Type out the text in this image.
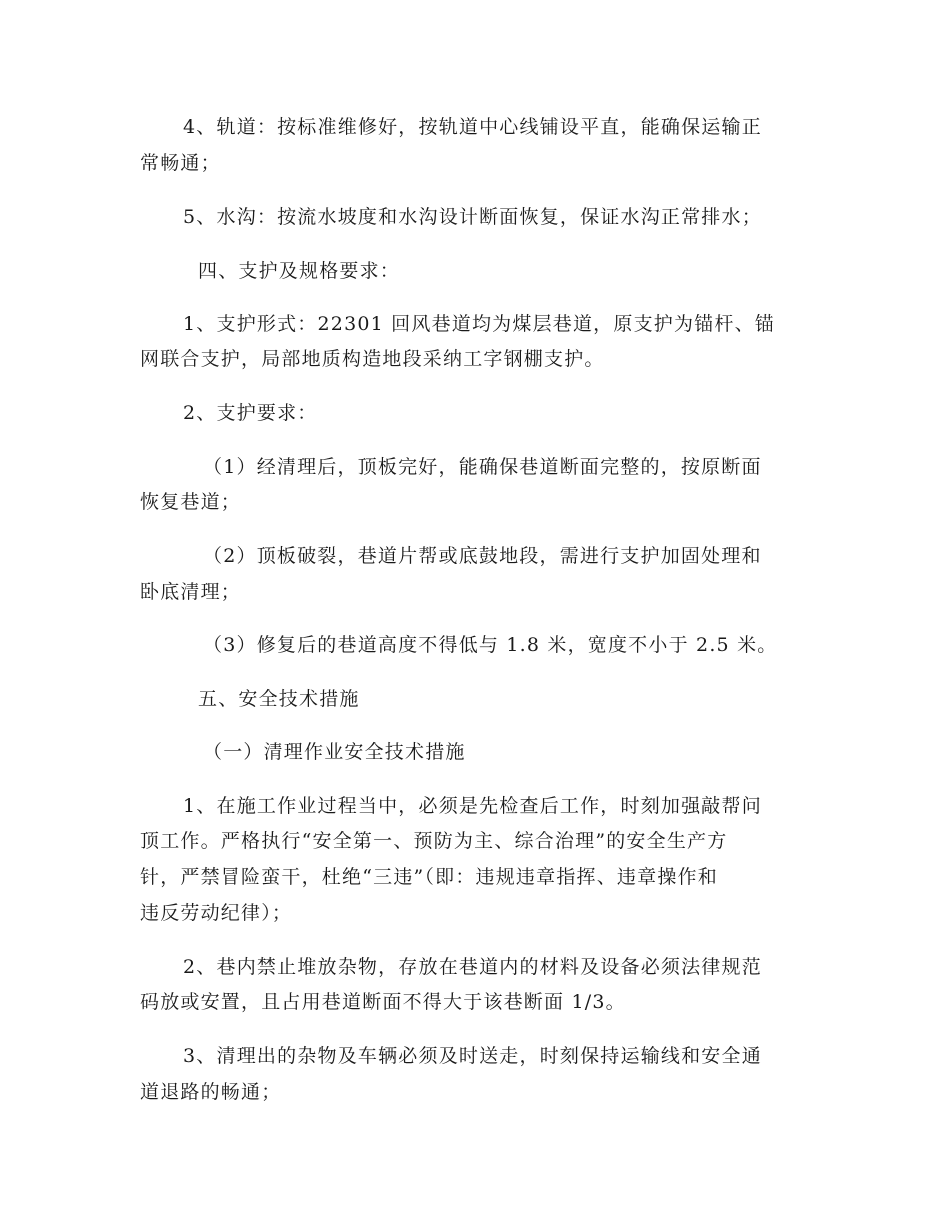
4、轨道：按标准维修好，按轨道中心线铺设平直，能确保运输正
常畅通；
5、水沟：按流水坡度和水沟设计断面恢复，保证水沟正常排水；
四、支护及规格要求：
1、支护形式：22301 回风巷道均为煤层巷道，原支护为锚杆、锚
网联合支护，局部地质构造地段采纳工字钢棚支护。
2、支护要求：
（1）经清理后，顶板完好，能确保巷道断面完整的，按原断面
恢复巷道；
（2）顶板破裂，巷道片帮或底鼓地段，需进行支护加固处理和
卧底清理；
（3）修复后的巷道高度不得低与 1.8 米，宽度不小于 2.5 米。
五、安全技术措施
（一）清理作业安全技术措施
1、在施工作业过程当中，必须是先检查后工作，时刻加强敲帮问
顶工作。严格执行“安全第一、预防为主、综合治理”的安全生产方
针，严禁冒险蛮干，杜绝“三违”（即：违规违章指挥、违章操作和
违反劳动纪律）；
2、巷内禁止堆放杂物，存放在巷道内的材料及设备必须法律规范
码放或安置，且占用巷道断面不得大于该巷断面 1/3。
3、清理出的杂物及车辆必须及时送走，时刻保持运输线和安全通
道退路的畅通；
